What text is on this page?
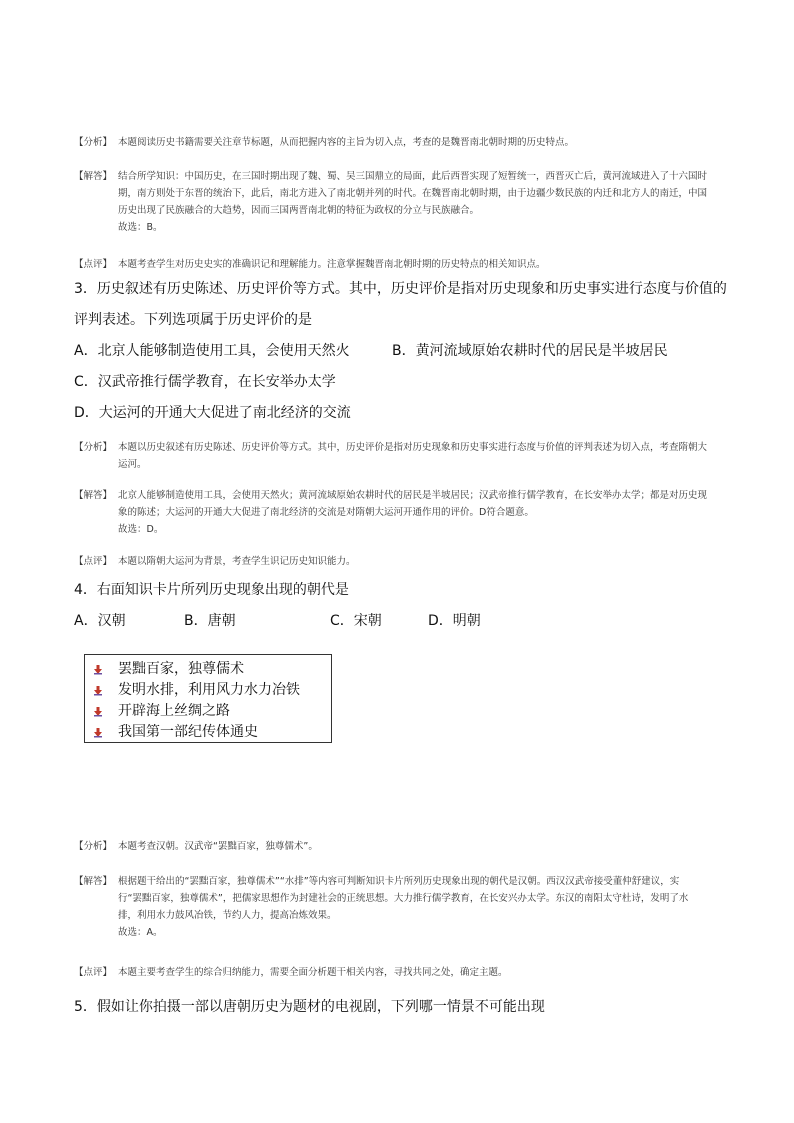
【分析】 本题阅读历史书籍需要关注章节标题，从而把握内容的主旨为切入点，考查的是魏晋南北朝时期的历史特点。
【解答】 结合所学知识：中国历史，在三国时期出现了魏、蜀、吴三国鼎立的局面，此后西晋实现了短暂统一，西晋灭亡后，黄河流域进入了十六国时
期，南方则处于东晋的统治下，此后，南北方进入了南北朝并列的时代。在魏晋南北朝时期，由于边疆少数民族的内迁和北方人的南迁，中国
历史出现了民族融合的大趋势，因而三国两晋南北朝的特征为政权的分立与民族融合。
故选：B。
【点评】 本题考查学生对历史史实的准确识记和理解能力。注意掌握魏晋南北朝时期的历史特点的相关知识点。
3．历史叙述有历史陈述、历史评价等方式。其中，历史评价是指对历史现象和历史事实进行态度与价值的
评判表述。下列选项属于历史评价的是
A．北京人能够制造使用工具，会使用天然火	B．黄河流域原始农耕时代的居民是半坡居民
C．汉武帝推行儒学教育，在长安举办太学
D．大运河的开通大大促进了南北经济的交流
【分析】 本题以历史叙述有历史陈述、历史评价等方式。其中，历史评价是指对历史现象和历史事实进行态度与价值的评判表述为切入点，考查隋朝大
运河。
【解答】 北京人能够制造使用工具，会使用天然火；黄河流域原始农耕时代的居民是半坡居民；汉武帝推行儒学教育，在长安举办太学；都是对历史现
象的陈述；大运河的开通大大促进了南北经济的交流是对隋朝大运河开通作用的评价。D符合题意。
故选：D。
【点评】 本题以隋朝大运河为背景，考查学生识记历史知识能力。
4．右面知识卡片所列历史现象出现的朝代是
A．汉朝	B．唐朝	C．宋朝	D．明朝
罢黜百家，独尊儒术
发明水排，利用风力水力冶铁
开辟海上丝绸之路
我国第一部纪传体通史
【分析】 本题考查汉朝。汉武帝“罢黜百家，独尊儒术”。
【解答】 根据题干给出的“罢黜百家，独尊儒术”“水排”等内容可判断知识卡片所列历史现象出现的朝代是汉朝。西汉汉武帝接受董仲舒建议，实
行“罢黜百家，独尊儒术”，把儒家思想作为封建社会的正统思想。大力推行儒学教育，在长安兴办太学。东汉的南阳太守杜诗，发明了水
排，利用水力鼓风冶铁，节约人力，提高冶炼效果。
故选：A。
【点评】 本题主要考查学生的综合归纳能力，需要全面分析题干相关内容，寻找共同之处，确定主题。
5．假如让你拍摄一部以唐朝历史为题材的电视剧，下列哪一情景不可能出现
